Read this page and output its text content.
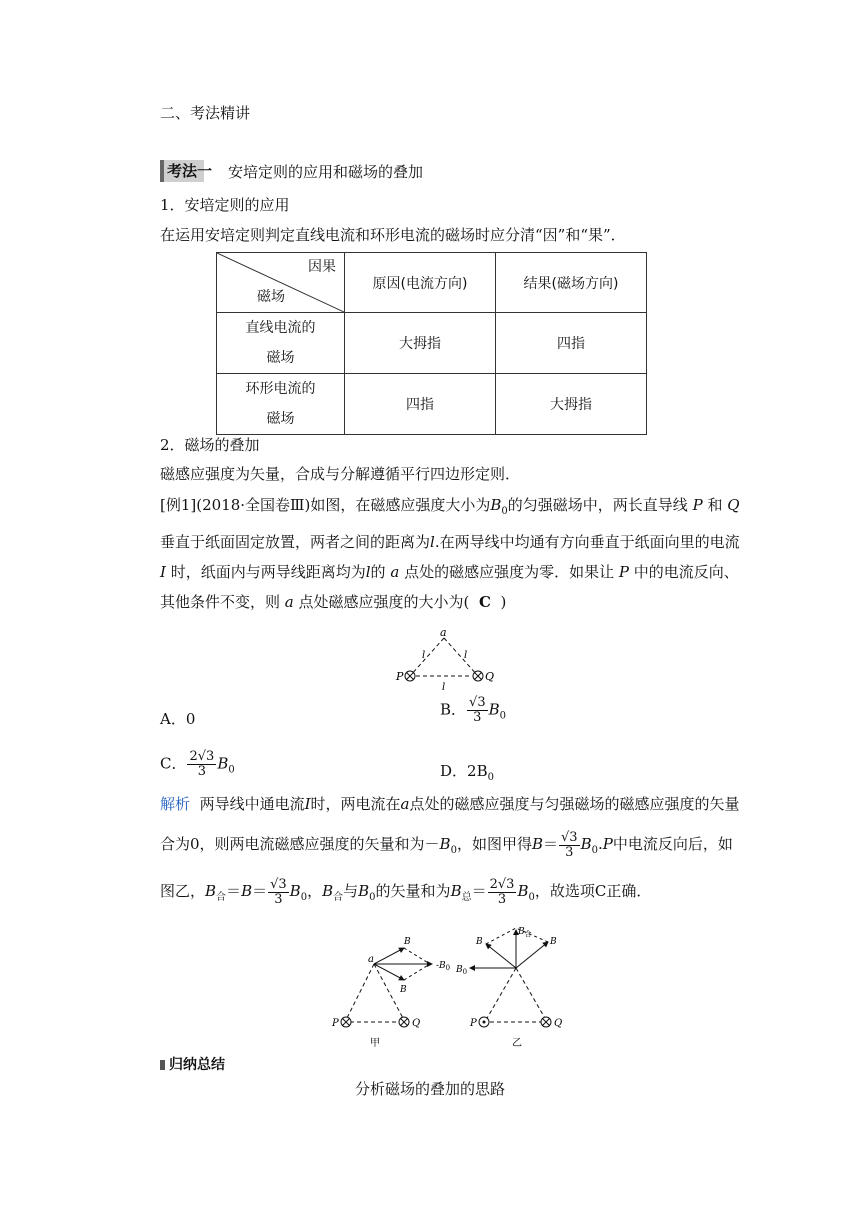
二、考法精讲
考法一 安培定则的应用和磁场的叠加
1．安培定则的应用
在运用安培定则判定直线电流和环形电流的磁场时应分清“因”和“果”．
因果
磁场	原因(电流方向)	结果(磁场方向)

直线电流的
磁场	大拇指	四指

环形电流的
磁场	四指	大拇指
2．磁场的叠加
磁感应强度为矢量，合成与分解遵循平行四边形定则．
[例1](2018·全国卷Ⅲ)如图，在磁感应强度大小为$B_0$的匀强磁场中，两长直导线 P 和 Q 垂直于纸面固定放置，两者之间的距离为l.在两导线中均通有方向垂直于纸面向里的电流 I 时，纸面内与两导线距离均为l的 a 点处的磁感应强度为零．如果让 P 中的电流反向、其他条件不变，则 a 点处磁感应强度的大小为( C )
a
l	l
l
P	Q
A．0
B． $\frac{√3}{3} B_0$
C． $\frac{2√3}{3} B_0$	D．$2B_0$
解析 两导线中通电流I时，两电流在a点处的磁感应强度与匀强磁场的磁感应强度的矢量合为0，则两电流磁感应强度的矢量和为$-B_0$，如图甲得$B= \frac{√3}{3} B_0.P$中电流反向后，如图乙，$B_合=B= \frac{√3}{3} B_0$，$B_合$与$B_0$的矢量和为$B_总= \frac{2√3}{3} B_0$，故选项C正确．
a
B
B
$-B_0$
P	Q
甲
B
$B_合$
B
$B_0$
P	Q
乙
归纳总结
分析磁场的叠加的思路
